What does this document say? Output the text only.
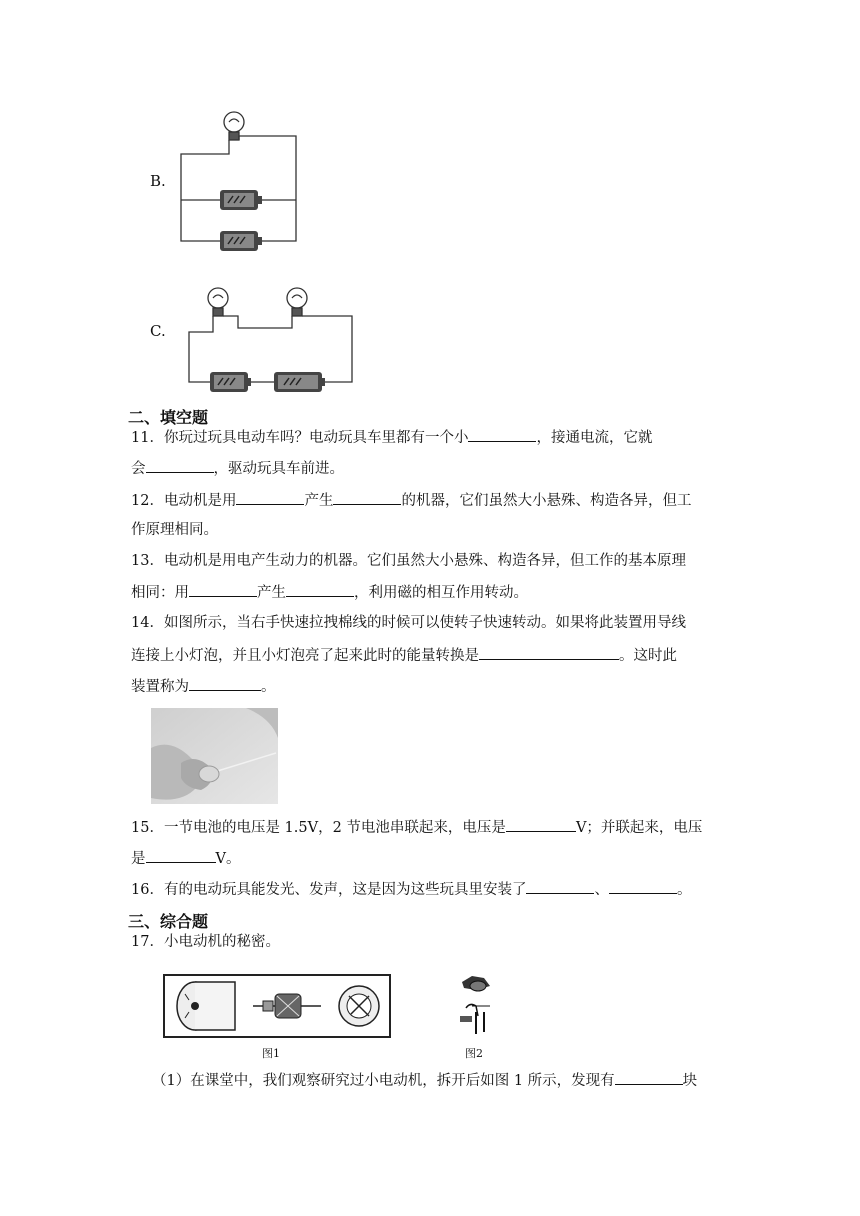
B.
C.
二、填空题
11．你玩过玩具电动车吗？电动玩具车里都有一个小	，接通电流，它就
会	，驱动玩具车前进。
12．电动机是用	产生	的机器，它们虽然大小悬殊、构造各异，但工
作原理相同。
13．电动机是用电产生动力的机器。它们虽然大小悬殊、构造各异，但工作的基本原理
相同：用	产生	，利用磁的相互作用转动。
14．如图所示，当右手快速拉拽棉线的时候可以使转子快速转动。如果将此装置用导线
连接上小灯泡，并且小灯泡亮了起来此时的能量转换是	。这时此
装置称为	。
15．一节电池的电压是 1.5V，2 节电池串联起来，电压是	V；并联起来，电压
是	V。
16．有的电动玩具能发光、发声，这是因为这些玩具里安装了	、	。
三、综合题
17．小电动机的秘密。
图1	图2
（1）在课堂中，我们观察研究过小电动机，拆开后如图 1 所示，发现有	块
